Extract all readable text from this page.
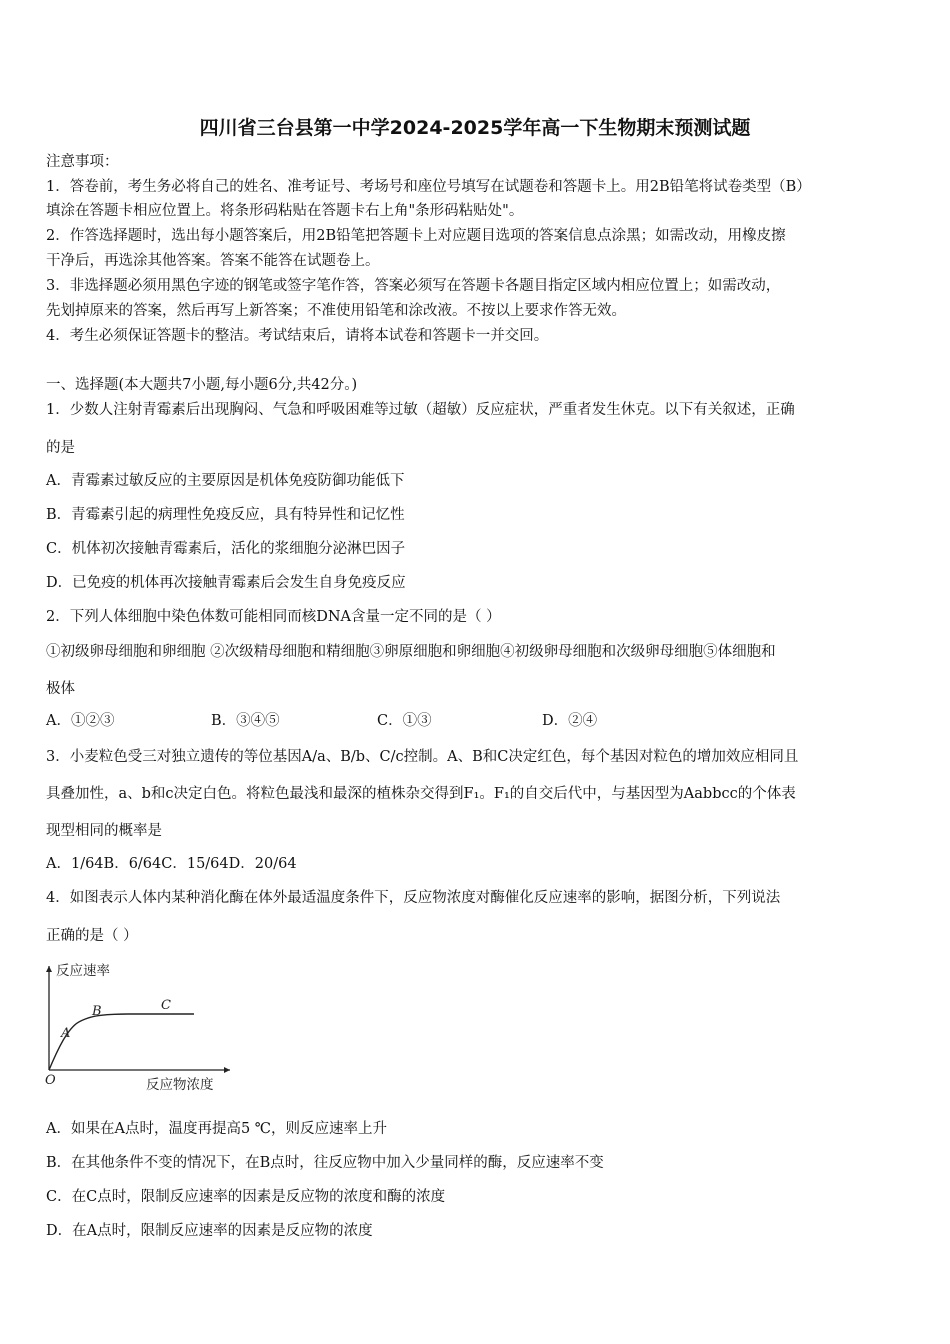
四川省三台县第一中学2024-2025学年高一下生物期末预测试题
注意事项：
1．答卷前，考生务必将自己的姓名、准考证号、考场号和座位号填写在试题卷和答题卡上。用2B铅笔将试卷类型（B）
填涂在答题卡相应位置上。将条形码粘贴在答题卡右上角"条形码粘贴处"。
2．作答选择题时，选出每小题答案后，用2B铅笔把答题卡上对应题目选项的答案信息点涂黑；如需改动，用橡皮擦
干净后，再选涂其他答案。答案不能答在试题卷上。
3．非选择题必须用黑色字迹的钢笔或签字笔作答，答案必须写在答题卡各题目指定区域内相应位置上；如需改动，
先划掉原来的答案，然后再写上新答案；不准使用铅笔和涂改液。不按以上要求作答无效。
4．考生必须保证答题卡的整洁。考试结束后，请将本试卷和答题卡一并交回。
一、选择题(本大题共7小题,每小题6分,共42分。)
1．少数人注射青霉素后出现胸闷、气急和呼吸困难等过敏（超敏）反应症状，严重者发生休克。以下有关叙述，正确
的是
A．青霉素过敏反应的主要原因是机体免疫防御功能低下
B．青霉素引起的病理性免疫反应，具有特异性和记忆性
C．机体初次接触青霉素后，活化的浆细胞分泌淋巴因子
D．已免疫的机体再次接触青霉素后会发生自身免疫反应
2．下列人体细胞中染色体数可能相同而核DNA含量一定不同的是（ ）
①初级卵母细胞和卵细胞 ②次级精母细胞和精细胞③卵原细胞和卵细胞④初级卵母细胞和次级卵母细胞⑤体细胞和
极体
A．①②③	B．③④⑤	C．①③	D．②④
3．小麦粒色受三对独立遗传的等位基因A/a、B/b、C/c控制。A、B和C决定红色，每个基因对粒色的增加效应相同且
具叠加性，a、b和c决定白色。将粒色最浅和最深的植株杂交得到F₁。F₁的自交后代中，与基因型为Aabbcc的个体表
现型相同的概率是
A．1/64B．6/64C．15/64D．20/64
4．如图表示人体内某种消化酶在体外最适温度条件下，反应物浓度对酶催化反应速率的影响，据图分析，下列说法
正确的是（ ）
反应速率
反应物浓度
O
A
B	C
A．如果在A点时，温度再提高5 ℃，则反应速率上升
B．在其他条件不变的情况下，在B点时，往反应物中加入少量同样的酶，反应速率不变
C．在C点时，限制反应速率的因素是反应物的浓度和酶的浓度
D．在A点时，限制反应速率的因素是反应物的浓度
